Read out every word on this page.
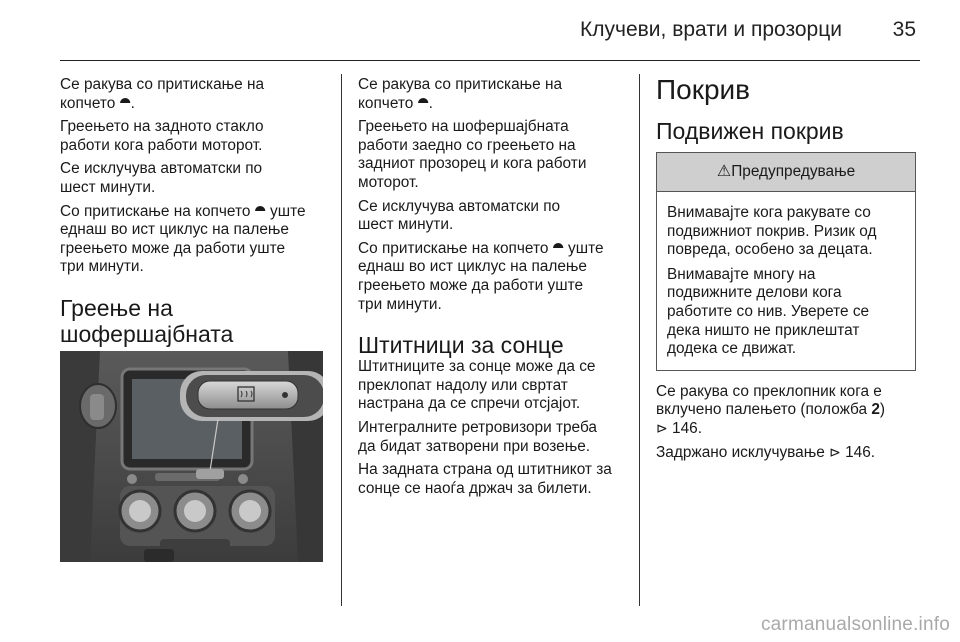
Клучеви, врати и прозорци 35

Се ракува со притискање на
копчето ⯊.

Греењето на задното стакло
работи кога работи моторот.

Се исклучува автоматски по
шест минути.

Со притискање на копчето ⯊ уште
еднаш во ист циклус на палење
греењето може да работи уште
три минути.

Греење на
шофершајбната

Се ракува со притискање на
копчето ⯊.

Греењето на шофершајбната
работи заедно со греењето на
задниот прозорец и кога работи
моторот.

Се исклучува автоматски по
шест минути.

Со притискање на копчето ⯊ уште
еднаш во ист циклус на палење
греењето може да работи уште
три минути.

Штитници за сонце

Штитниците за сонце може да се
преклопат надолу или свртат
настрана да се спречи отсјајот.

Интегралните ретровизори треба
да бидат затворени при возење.

На задната страна од штитникот за
сонце се наоѓа држач за билети.

Покрив
Подвижен покрив
⚠Предупредување

Внимавајте кога ракувате со
подвижниот покрив. Ризик од
повреда, особено за децата.

Внимавајте многу на
подвижните делови кога
работите со нив. Уверете се
дека ништо не приклештат
додека се движат.

Се ракува со преклопник кога е
вклучено палењето (положба 2)
⊳ 146.

Задржано исклучување ⊳ 146.

carmanualsonline.info
